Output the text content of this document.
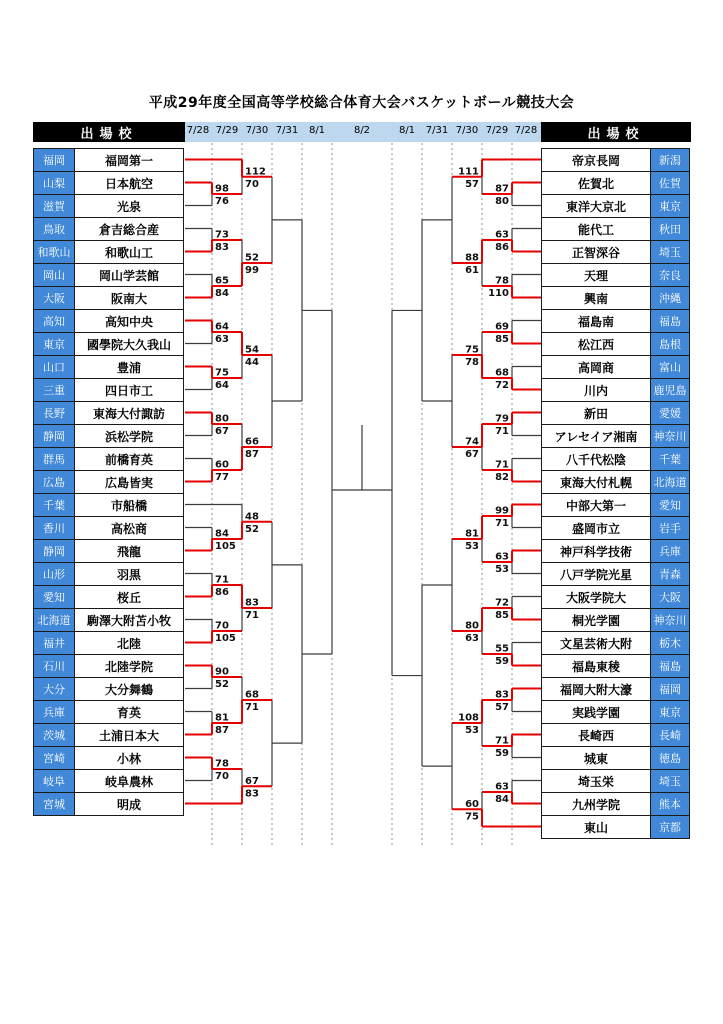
平成29年度全国高等学校総合体育大会バスケットボール競技大会
出場校	7/28 7/29 7/30 7/31 8/1	8/2	8/1 7/31 7/30 7/29 7/28	出場校
福岡	福岡第一
山梨	日本航空
滋賀	光泉
鳥取	倉吉総合産
和歌山	和歌山工
岡山	岡山学芸館
大阪	阪南大
高知	高知中央
東京	國學院大久我山
山口	豊浦
三重	四日市工
長野	東海大付諏訪
静岡	浜松学院
群馬	前橋育英
広島	広島皆実
千葉	市船橋
香川	高松商
静岡	飛龍
山形	羽黒
愛知	桜丘
北海道	駒澤大附苫小牧
福井	北陸
石川	北陸学院
大分	大分舞鶴
兵庫	育英
茨城	土浦日本大
宮崎	小林
岐阜	岐阜農林
宮城	明成
帝京長岡	新潟
佐賀北	佐賀
東洋大京北	東京
能代工	秋田
正智深谷	埼玉
天理	奈良
興南	沖縄
福島南	福島
松江西	島根
高岡商	富山
川内	鹿児島
新田	愛媛
アレセイア湘南	神奈川
八千代松陰	千葉
東海大付札幌	北海道
中部大第一	愛知
盛岡市立	岩手
神戸科学技術	兵庫
八戸学院光星	青森
大阪学院大	大阪
桐光学園	神奈川
文星芸術大附	栃木
福島東稜	福島
福岡大附大濠	福岡
実践学園	東京
長崎西	長崎
城東	徳島
埼玉栄	埼玉
九州学院	熊本
東山	京都
98
76
73
83
65
84
64
63
75
64
80
67
60
77
84
105
71
86
70
105
90
52
81
87
78
70
112
70
52
99
54
44
66
87
48
52
83
71
68
71
67
83
87
80
63
86
78
110
69
85
68
72
79
71
71
82
99
71
63
53
72
85
55
59
83
57
71
59
63
84
111
57
88
61
75
78
74
67
81
53
80
63
108
53
60
75
